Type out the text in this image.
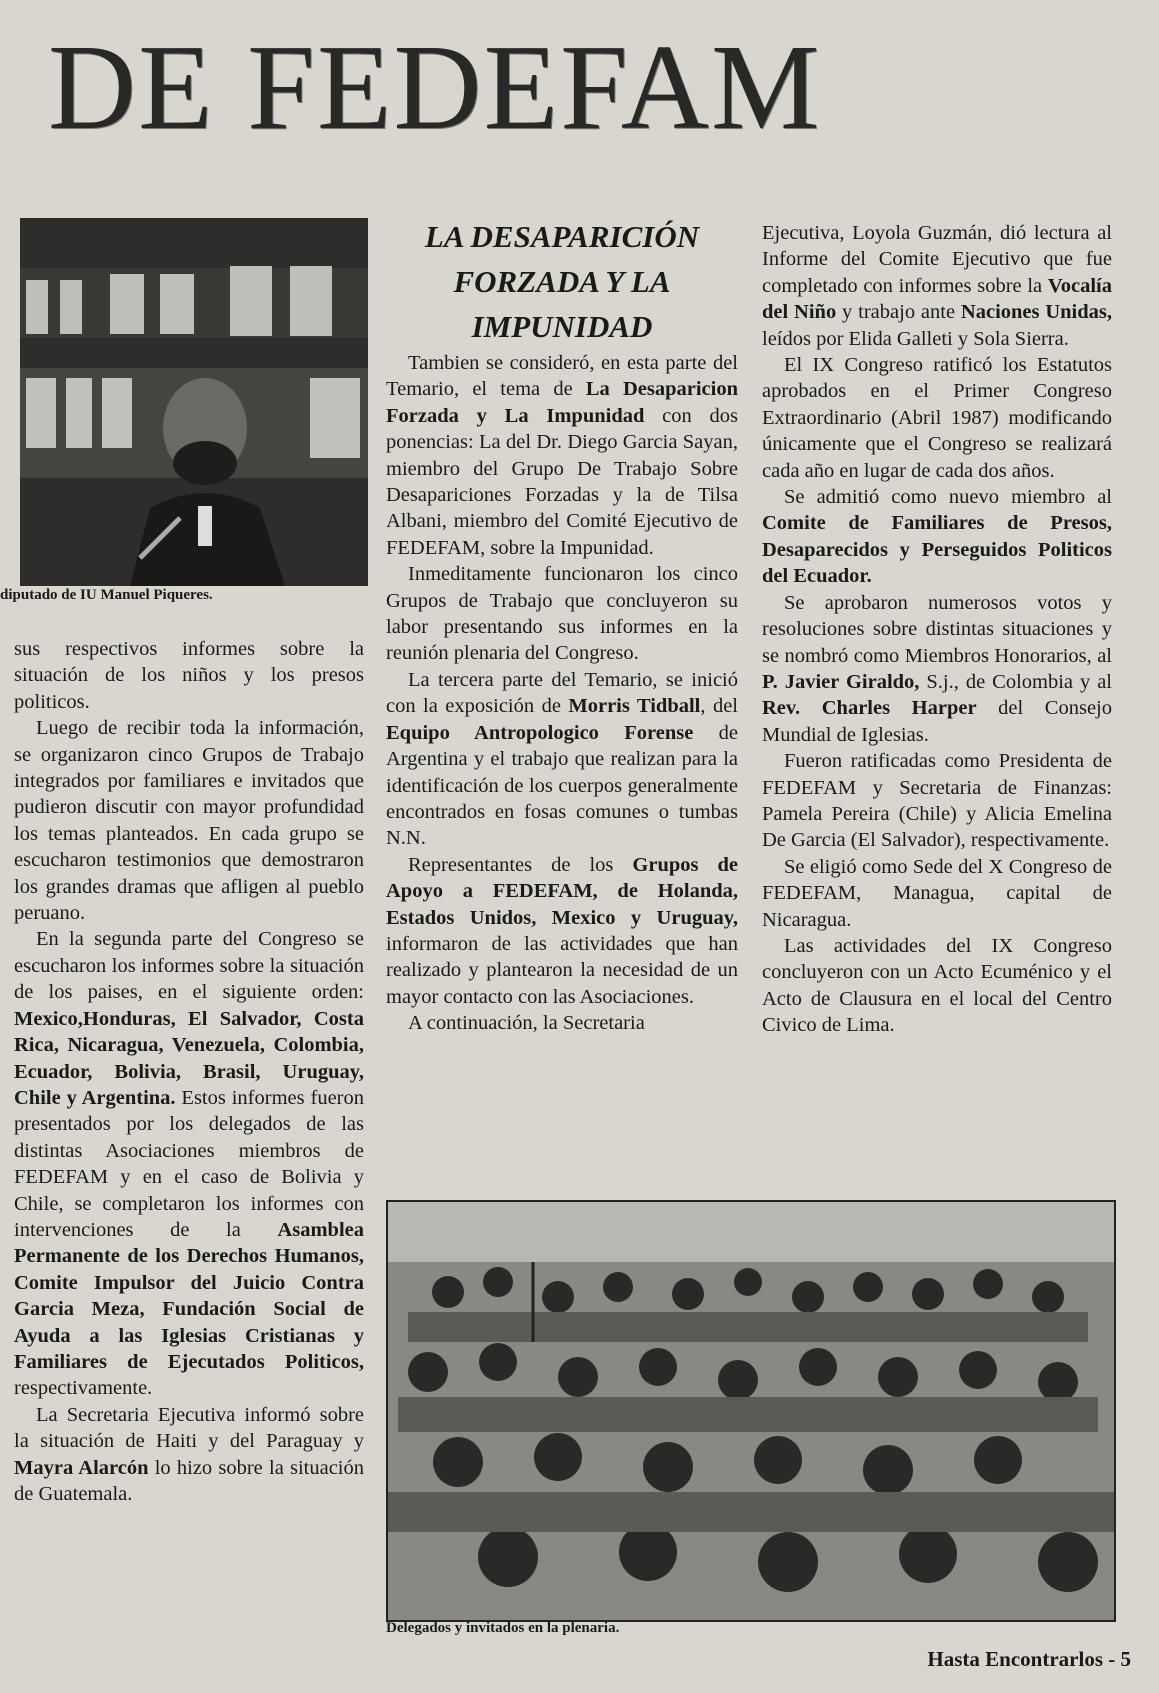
DE FEDEFAM
diputado de IU Manuel Piqueres.

sus respectivos informes sobre la situación de los niños y los presos politicos.

Luego de recibir toda la información, se organizaron cinco Grupos de Trabajo integrados por familiares e invitados que pudieron discutir con mayor profundidad los temas planteados. En cada grupo se escucharon testimonios que demostraron los grandes dramas que afligen al pueblo peruano.

En la segunda parte del Congreso se escucharon los informes sobre la situación de los paises, en el siguiente orden: Mexico,Honduras, El Salvador, Costa Rica, Nicaragua, Venezuela, Colombia, Ecuador, Bolivia, Brasil, Uruguay, Chile y Argentina. Estos informes fueron presentados por los delegados de las distintas Asociaciones miembros de FEDEFAM y en el caso de Bolivia y Chile, se completaron los informes con intervenciones de la Asamblea Permanente de los Derechos Humanos, Comite Impulsor del Juicio Contra Garcia Meza, Fundación Social de Ayuda a las Iglesias Cristianas y Familiares de Ejecutados Politicos, respectivamente.

La Secretaria Ejecutiva informó sobre la situación de Haiti y del Paraguay y Mayra Alarcón lo hizo sobre la situación de Guatemala.

LA DESAPARICIÓN FORZADA Y LA IMPUNIDAD

Tambien se consideró, en esta parte del Temario, el tema de La Desaparicion Forzada y La Impunidad con dos ponencias: La del Dr. Diego Garcia Sayan, miembro del Grupo De Trabajo Sobre Desapariciones Forzadas y la de Tilsa Albani, miembro del Comité Ejecutivo de FEDEFAM, sobre la Impunidad.

Inmeditamente funcionaron los cinco Grupos de Trabajo que concluyeron su labor presentando sus informes en la reunión plenaria del Congreso.

La tercera parte del Temario, se inició con la exposición de Morris Tidball, del Equipo Antropologico Forense de Argentina y el trabajo que realizan para la identificación de los cuerpos generalmente encontrados en fosas comunes o tumbas N.N.

Representantes de los Grupos de Apoyo a FEDEFAM, de Holanda, Estados Unidos, Mexico y Uruguay, informaron de las actividades que han realizado y plantearon la necesidad de un mayor contacto con las Asociaciones.

A continuación, la Secretaria

Ejecutiva, Loyola Guzmán, dió lectura al Informe del Comite Ejecutivo que fue completado con informes sobre la Vocalía del Niño y trabajo ante Naciones Unidas, leídos por Elida Galleti y Sola Sierra.

El IX Congreso ratificó los Estatutos aprobados en el Primer Congreso Extraordinario (Abril 1987) modificando únicamente que el Congreso se realizará cada año en lugar de cada dos años.

Se admitió como nuevo miembro al Comite de Familiares de Presos, Desaparecidos y Perseguidos Politicos del Ecuador.

Se aprobaron numerosos votos y resoluciones sobre distintas situaciones y se nombró como Miembros Honorarios, al P. Javier Giraldo, S.j., de Colombia y al Rev. Charles Harper del Consejo Mundial de Iglesias.

Fueron ratificadas como Presidenta de FEDEFAM y Secretaria de Finanzas: Pamela Pereira (Chile) y Alicia Emelina De Garcia (El Salvador), respectivamente.

Se eligió como Sede del X Congreso de FEDEFAM, Managua, capital de Nicaragua.

Las actividades del IX Congreso concluyeron con un Acto Ecuménico y el Acto de Clausura en el local del Centro Civico de Lima.

Delegados y invitados en la plenaria.
Hasta Encontrarlos - 5
